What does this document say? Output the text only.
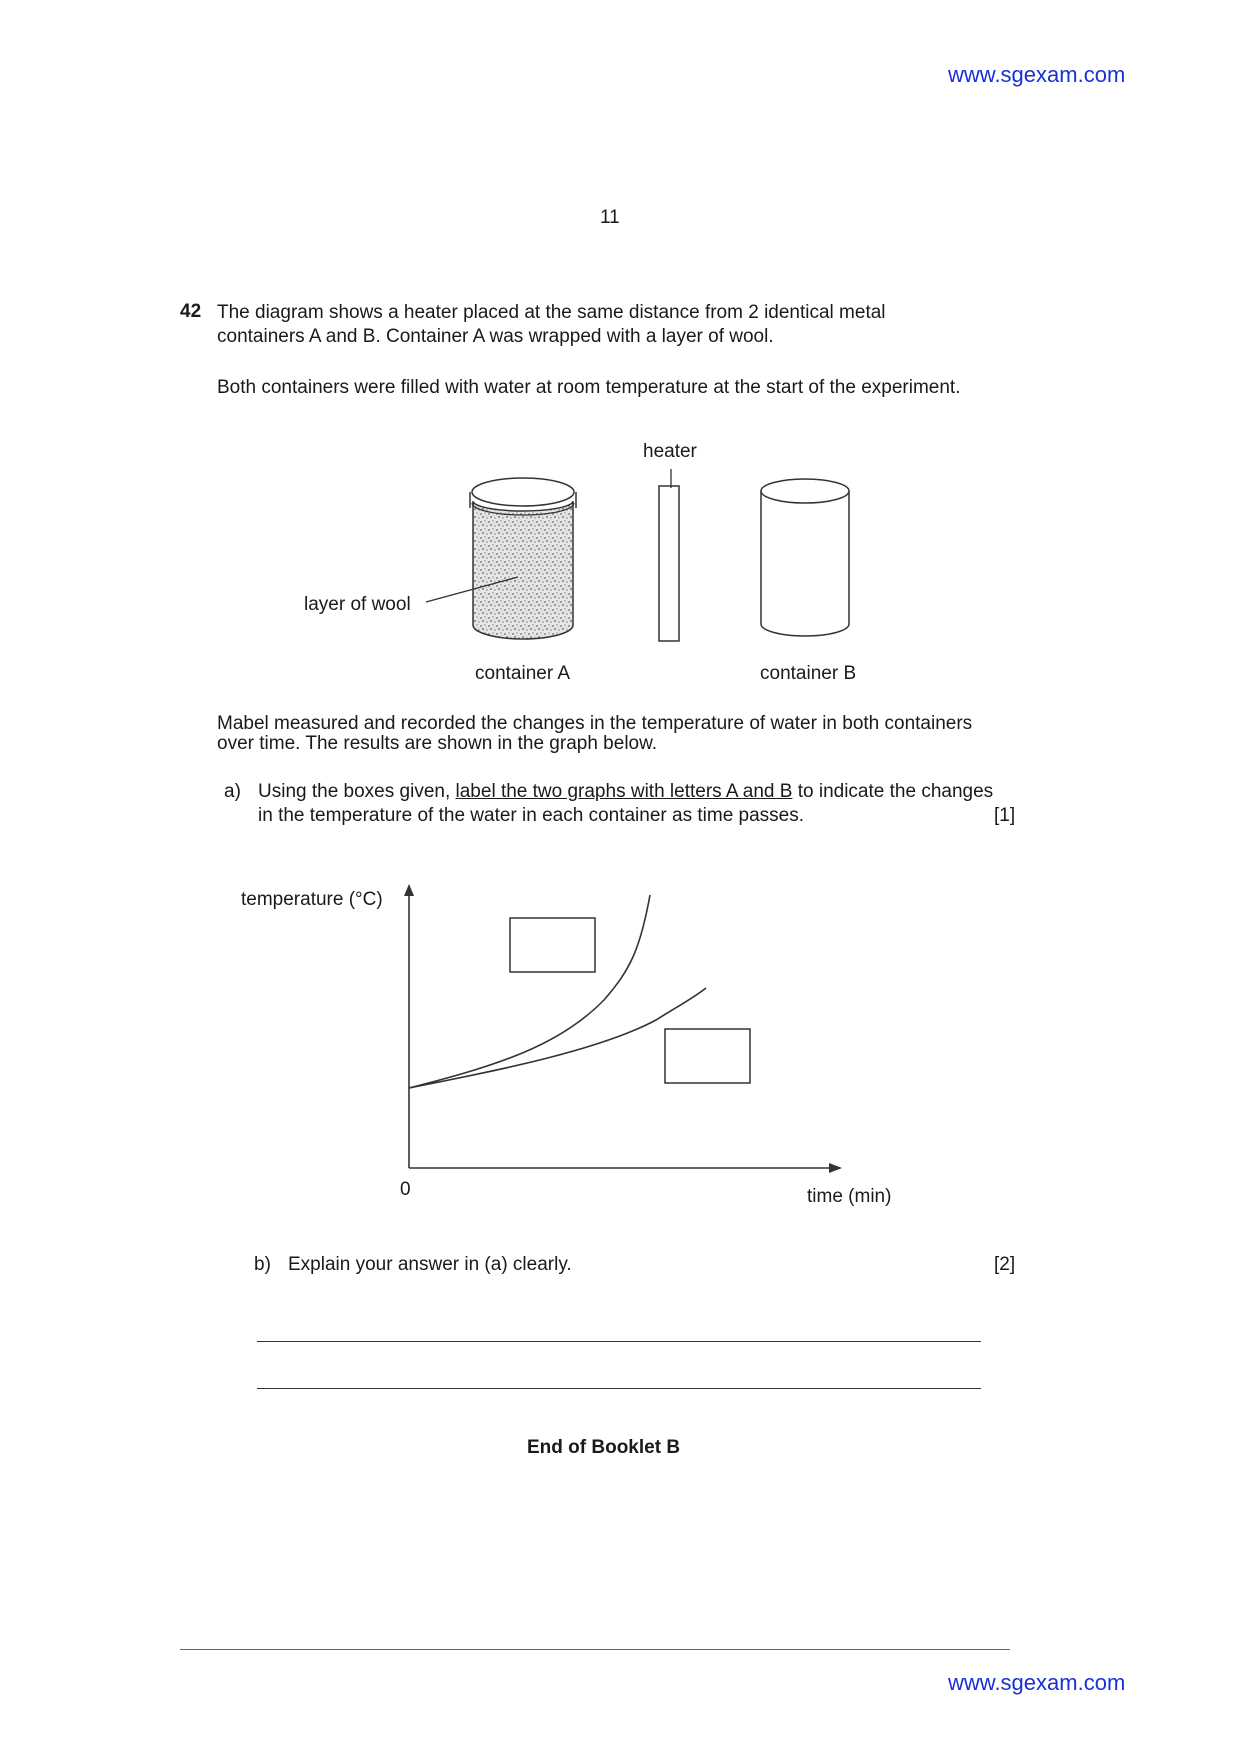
www.sgexam.com
11
42 The diagram shows a heater placed at the same distance from 2 identical metal
containers A and B. Container A was wrapped with a layer of wool.
Both containers were filled with water at room temperature at the start of the experiment.
heater
layer of wool
container A	container B
Mabel measured and recorded the changes in the temperature of water in both containers
over time. The results are shown in the graph below.
a) Using the boxes given, label the two graphs with letters A and B to indicate the changes
in the temperature of the water in each container as time passes.	[1]
temperature (°C)
0	time (min)
b) Explain your answer in (a) clearly.	[2]
End of Booklet B
www.sgexam.com
